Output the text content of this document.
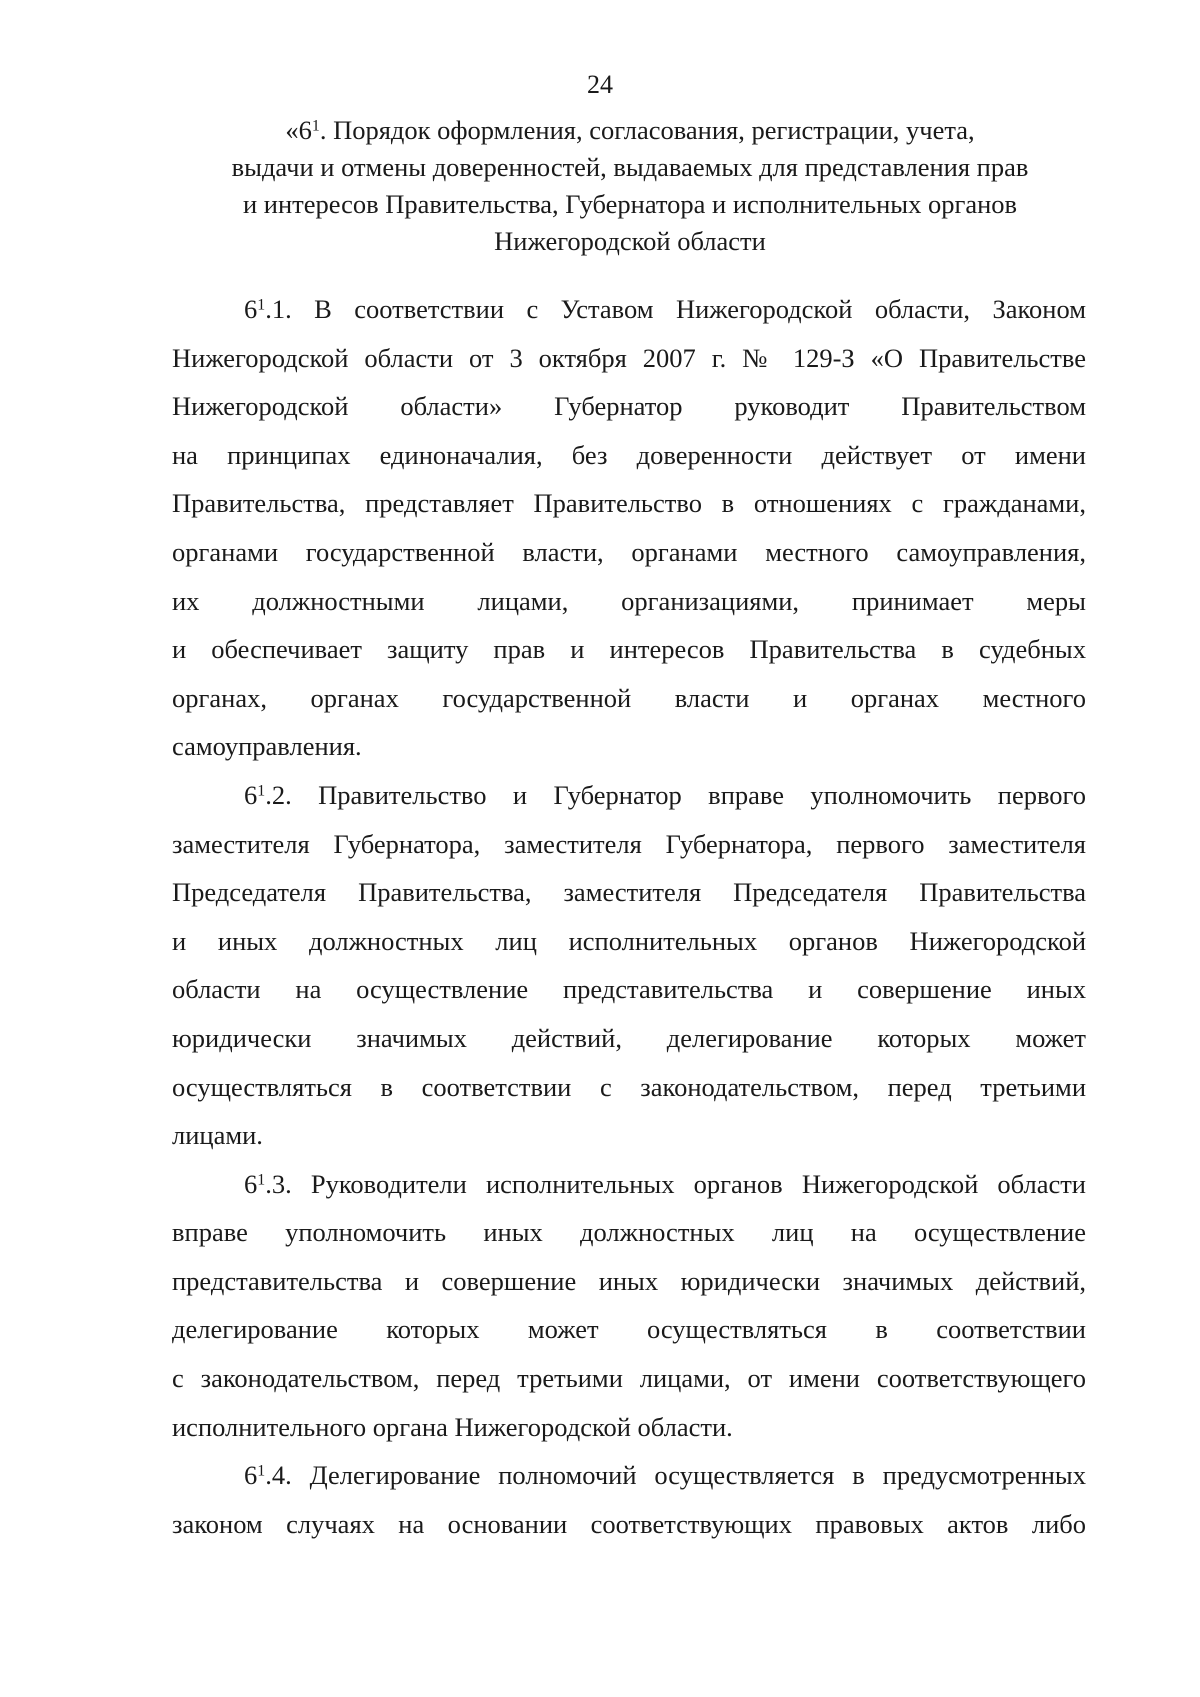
24
«$6^1$. Порядок оформления, согласования, регистрации, учета,
выдачи и отмены доверенностей, выдаваемых для представления прав
и интересов Правительства, Губернатора и исполнительных органов
Нижегородской области

$6^1.1$. В соответствии с Уставом Нижегородской области, Законом
Нижегородской области от 3 октября 2007 г. № 129-З «О Правительстве
Нижегородской области» Губернатор руководит Правительством
на принципах единоначалия, без доверенности действует от имени
Правительства, представляет Правительство в отношениях с гражданами,
органами государственной власти, органами местного самоуправления,
их должностными лицами, организациями, принимает меры
и обеспечивает защиту прав и интересов Правительства в судебных
органах, органах государственной власти и органах местного
самоуправления.

$6^1.2$. Правительство и Губернатор вправе уполномочить первого
заместителя Губернатора, заместителя Губернатора, первого заместителя
Председателя Правительства, заместителя Председателя Правительства
и иных должностных лиц исполнительных органов Нижегородской
области на осуществление представительства и совершение иных
юридически значимых действий, делегирование которых может
осуществляться в соответствии с законодательством, перед третьими
лицами.

$6^1.3$. Руководители исполнительных органов Нижегородской области
вправе уполномочить иных должностных лиц на осуществление
представительства и совершение иных юридически значимых действий,
делегирование которых может осуществляться в соответствии
с законодательством, перед третьими лицами, от имени соответствующего
исполнительного органа Нижегородской области.

$6^1.4$. Делегирование полномочий осуществляется в предусмотренных
законом случаях на основании соответствующих правовых актов либо
